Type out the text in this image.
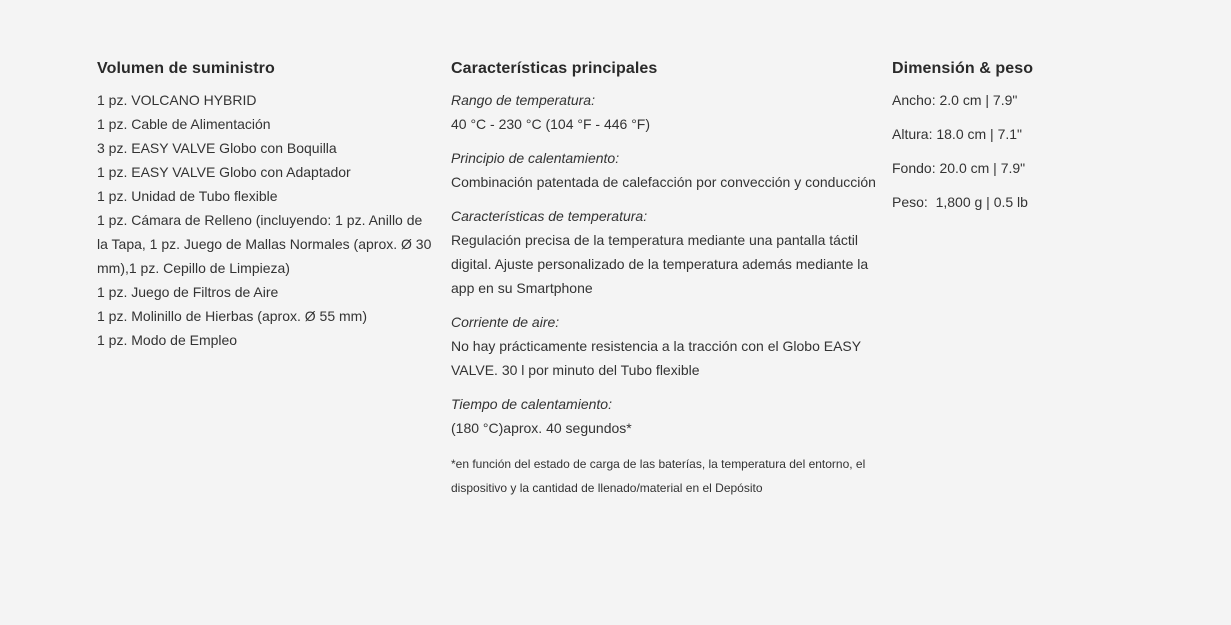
Volumen de suministro
1 pz. VOLCANO HYBRID
1 pz. Cable de Alimentación
3 pz. EASY VALVE Globo con Boquilla
1 pz. EASY VALVE Globo con Adaptador
1 pz. Unidad de Tubo flexible
1 pz. Cámara de Relleno (incluyendo: 1 pz. Anillo de la Tapa, 1 pz. Juego de Mallas Normales (aprox. Ø 30 mm),1 pz. Cepillo de Limpieza)
1 pz. Juego de Filtros de Aire
1 pz. Molinillo de Hierbas (aprox. Ø 55 mm)
1 pz. Modo de Empleo
Características principales
Rango de temperatura:
40 °C - 230 °C (104 °F - 446 °F)
Principio de calentamiento:
Combinación patentada de calefacción por convección y conducción
Características de temperatura:
Regulación precisa de la temperatura mediante una pantalla táctil digital. Ajuste personalizado de la temperatura además mediante la app en su Smartphone
Corriente de aire:
No hay prácticamente resistencia a la tracción con el Globo EASY VALVE. 30 l por minuto del Tubo flexible
Tiempo de calentamiento:
(180 °C)aprox. 40 segundos*
*en función del estado de carga de las baterías, la temperatura del entorno, el dispositivo y la cantidad de llenado/material en el Depósito
Dimensión & peso
Ancho: 2.0 cm | 7.9"
Altura: 18.0 cm | 7.1"
Fondo: 20.0 cm | 7.9"
Peso:  1,800 g | 0.5 lb
